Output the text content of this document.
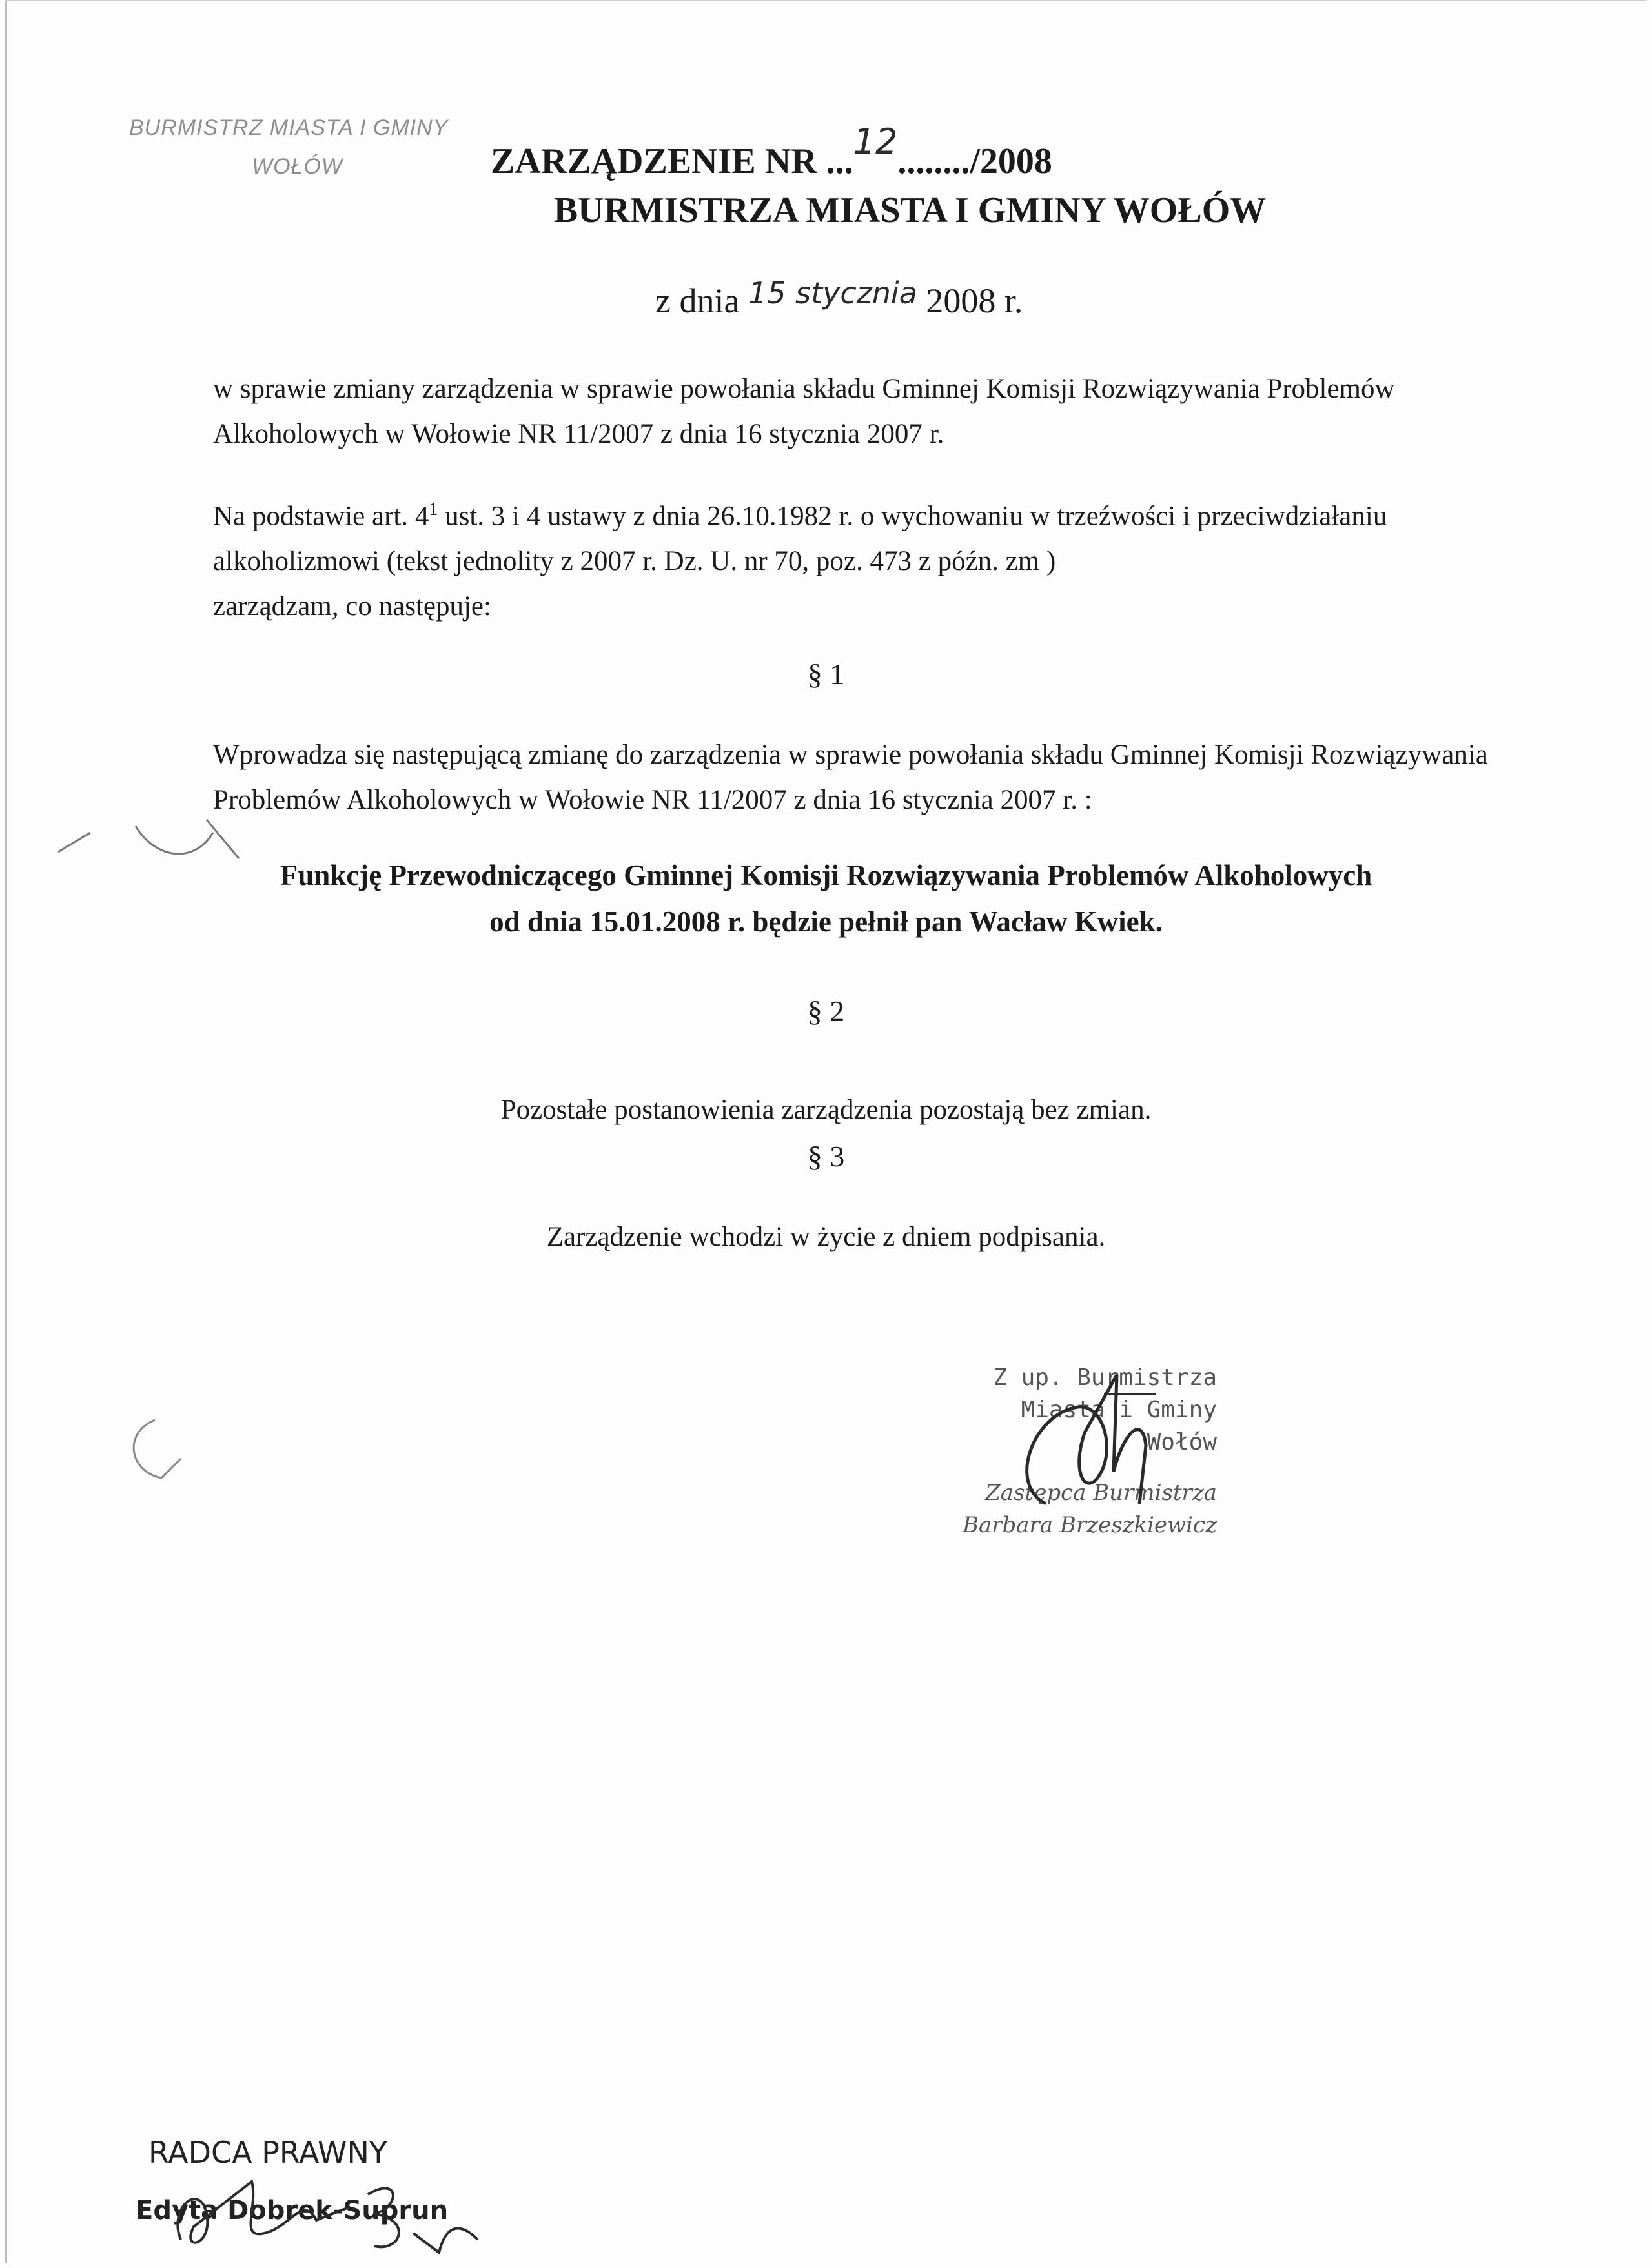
BURMISTRZ MIASTA I GMINY
WOŁÓW	ZARZĄDZENIE NR ...12......../2008
BURMISTRZA MIASTA I GMINY WOŁÓW
z dnia 15 stycznia 2008 r.
w sprawie zmiany zarządzenia w sprawie powołania składu Gminnej Komisji Rozwiązywania Problemów Alkoholowych w Wołowie NR 11/2007 z dnia 16 stycznia 2007 r.
Na podstawie art. $4^1$ ust. 3 i 4 ustawy z dnia 26.10.1982 r. o wychowaniu w trzeźwości i przeciwdziałaniu alkoholizmowi (tekst jednolity z 2007 r. Dz. U. nr 70, poz. 473 z późn. zm )
zarządzam, co następuje:
§ 1
Wprowadza się następującą zmianę do zarządzenia w sprawie powołania składu Gminnej Komisji Rozwiązywania Problemów Alkoholowych w Wołowie NR 11/2007 z dnia 16 stycznia 2007 r. :
Funkcję Przewodniczącego Gminnej Komisji Rozwiązywania Problemów Alkoholowych
od dnia 15.01.2008 r. będzie pełnił pan Wacław Kwiek.
§ 2
Pozostałe postanowienia zarządzenia pozostają bez zmian.
§ 3
Zarządzenie wchodzi w życie z dniem podpisania.
Z up. Burmistrza
Miasta i Gminy Wołów
Zastępca Burmistrza
Barbara Brzeszkiewicz
RADCA PRAWNY
Edyta Dobrek-Suprun
